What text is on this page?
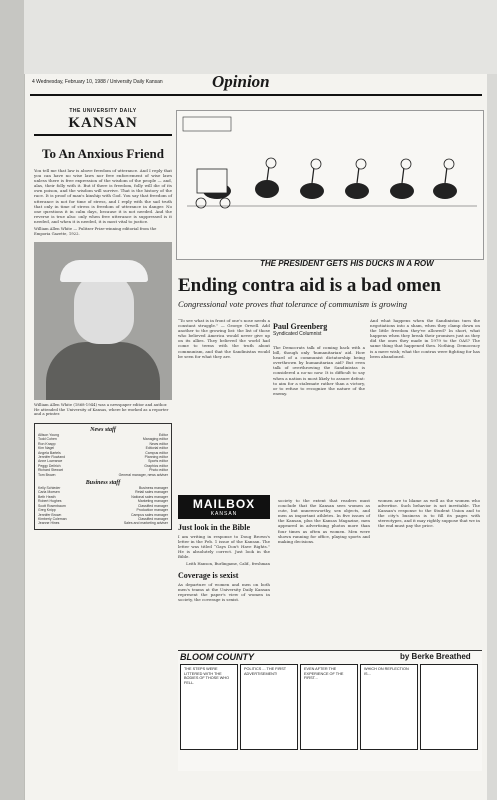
4 Wednesday, February 10, 1988 / University Daily Kansan	Opinion
THE UNIVERSITY DAILY
KANSAN
To An Anxious Friend
You tell me that law is above freedom of utterance. And I reply that you can have no wise laws nor free enforcement of wise laws unless there is free expression of the wisdom of the people — and, alas, their folly with it. But if there is freedom, folly will die of its own poison, and the wisdom will survive. That is the history of the race. It is proof of man's kinship with God. You say that freedom of utterance is not for time of stress, and I reply with the sad truth that only in time of stress is freedom of utterance in danger. No one questions it in calm days, because it is not needed. And the reverse is true also: only when free utterance is suppressed is it needed, and when it is needed, it is most vital to justice.
William Allen White — Pulitzer Prize-winning editorial from the Emporia Gazette, 1922.
William Allen White (1868-1944) was a newspaper editor and author. He attended the University of Kansas, where he worked as a reporter and a printer.
News staff
Allison Young	Editor
Todd Cohen	Managing editor
Ron Knapp	News editor
Kim Nagel	Editorial editor
Angela Bartels	Campus editor
Jennifer Rowland	Planning editor
Anne Lowrance	Sports editor
Peggy Deilrich	Graphics editor
Richard Stewart	Photo editor
Tom Brown	General manager, news adviser
Business staff
Kelly Schieder	Business manager
Carla Moesen	Retail sales manager
Beth Heath	National sales manager
Robert Hughes	Marketing manager
Scott Rosenbaum	Classified manager
Greg Knipp	Production manager
Jennifer Brown	Campus sales manager
Kimberly Coleman	Classified manager
Jeanne Hines	Sales and marketing adviser
THE PRESIDENT GETS HIS DUCKS IN A ROW
Ending contra aid is a bad omen
Congressional vote proves that tolerance of communism is growing
“To see what is in front of one’s nose needs a constant struggle.” — George Orwell. Add another to the growing list: the list of those who believed America would never give up on its allies. They believed the world had come to terms with the truth about communism, and that the Sandinistas would be seen for what they are.
Paul Greenberg
Syndicated Columnist
The Democrats talk of coming back with a bill, though only 'humanitarian' aid. How heard of a communist dictatorship being overthrown by humanitarian aid? But even talk of overthrowing the Sandinistas is considered a no-no now. It is difficult to say when a nation is most likely to assure defeat: to aim for a stalemate rather than a victory, or to refuse to recognize the nature of the enemy.
And what happens when the Sandinistas turn the negotiations into a sham, when they clamp down on the little freedom they've allowed? In short, what happens when they break their promises just as they did the ones they made in 1979 to the OAS? The same thing that happened then. Nothing. Democracy is a mere wish; what the contras were fighting for has been abandoned.
MAILBOX
KANSAN
Just look in the Bible
I am writing in response to Doug Brown's letter in the Feb. 1 issue of the Kansan. The letter was titled “Gays Don't Have Rights.” He is absolutely correct. Just look in the Bible.
Leith Hanson, Burlingame, Calif., freshman
Coverage is sexist
As departure of women and men on both men's teams at the University Daily Kansan represent the paper's view of women in society, the coverage is sexist.
society to the extent that readers must conclude that the Kansan sees women as cute, but unnewsworthy, sex objects, and men as important athletes. In five issues of the Kansan, plus the Kansas Magazine, men appeared in advertising photos more than four times as often as women. Men were shown running for office, playing sports and making decisions.
women are to blame as well as the women who advertise. Such behavior is not inevitable. The Kansan's response to the Student Union and to the city's business is to fill its pages with stereotypes, and it may rightly suppose that we in the end must pay the price.
BLOOM COUNTY	by Berke Breathed
THE STEPS WERE LITTERED WITH THE BODIES OF THOSE WHO FELL.
POLITICS ... THE FIRST ADVERTISEMENT!
EVEN AFTER THE EXPERIENCE OF THE FIRST...
WHICH ON REFLECTION IS...
